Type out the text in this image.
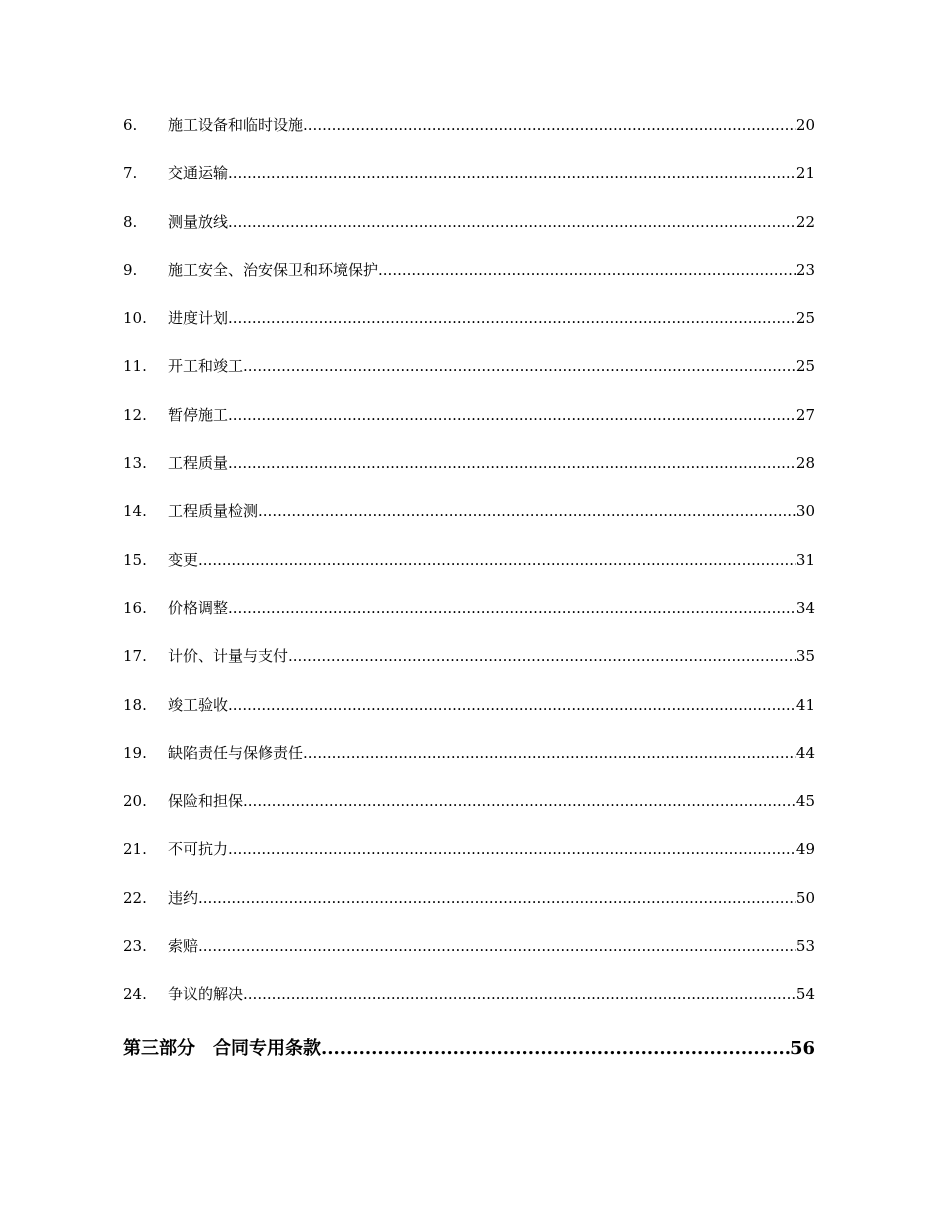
6.	施工设备和临时设施 .....	20
7.	交通运输 .....	21
8.	测量放线 .....	22
9.	施工安全、治安保卫和环境保护 .....	23
10.	进度计划 .....	25
11.	开工和竣工 .....	25
12.	暂停施工 .....	27
13.	工程质量 .....	28
14.	工程质量检测 .....	30
15.	变更 .....	31
16.	价格调整 .....	34
17.	计价、计量与支付 .....	35
18.	竣工验收 .....	41
19.	缺陷责任与保修责任 .....	44
20.	保险和担保 .....	45
21.	不可抗力 .....	49
22.	违约 .....	50
23.	索赔 .....	53
24.	争议的解决 .....	54
第三部分　合同专用条款 .....	56
